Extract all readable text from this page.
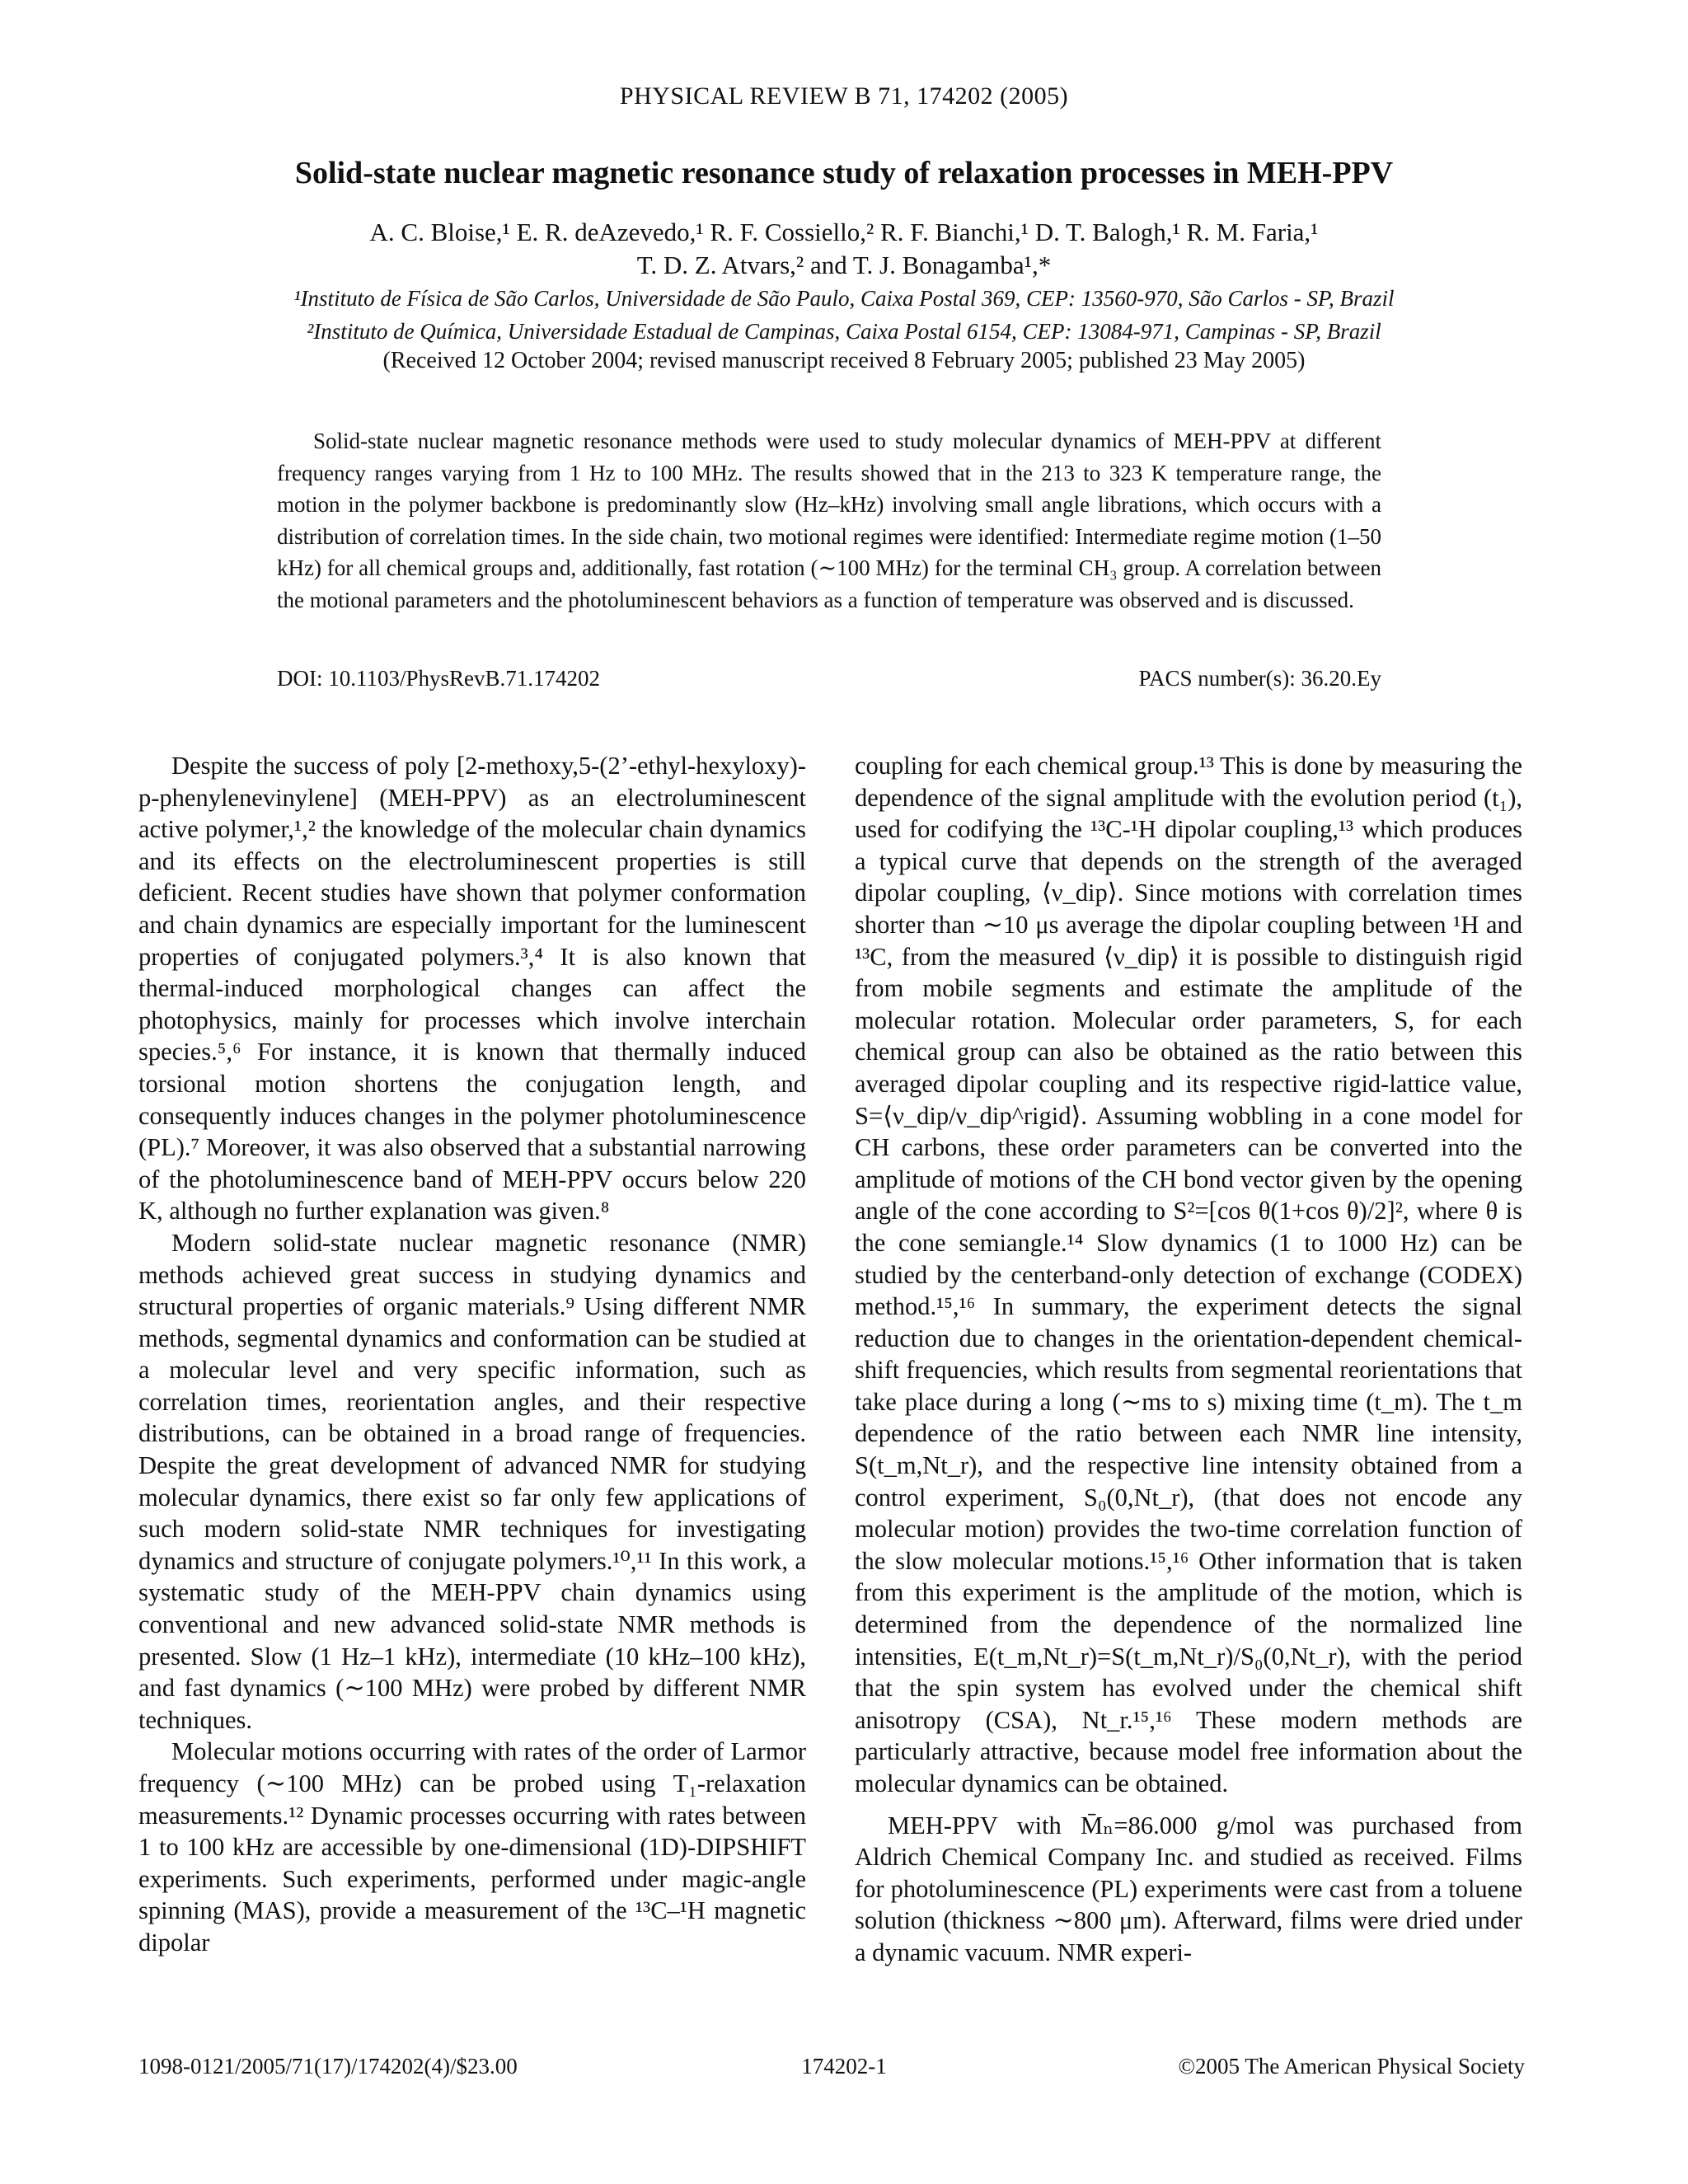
PHYSICAL REVIEW B 71, 174202 (2005)
Solid-state nuclear magnetic resonance study of relaxation processes in MEH-PPV
A. C. Bloise,¹ E. R. deAzevedo,¹ R. F. Cossiello,² R. F. Bianchi,¹ D. T. Balogh,¹ R. M. Faria,¹
T. D. Z. Atvars,² and T. J. Bonagamba¹,*
¹Instituto de Física de São Carlos, Universidade de São Paulo, Caixa Postal 369, CEP: 13560-970, São Carlos - SP, Brazil
²Instituto de Química, Universidade Estadual de Campinas, Caixa Postal 6154, CEP: 13084-971, Campinas - SP, Brazil
(Received 12 October 2004; revised manuscript received 8 February 2005; published 23 May 2005)
Solid-state nuclear magnetic resonance methods were used to study molecular dynamics of MEH-PPV at different frequency ranges varying from 1 Hz to 100 MHz. The results showed that in the 213 to 323 K temperature range, the motion in the polymer backbone is predominantly slow (Hz–kHz) involving small angle librations, which occurs with a distribution of correlation times. In the side chain, two motional regimes were identified: Intermediate regime motion (1–50 kHz) for all chemical groups and, additionally, fast rotation (∼100 MHz) for the terminal CH₃ group. A correlation between the motional parameters and the photoluminescent behaviors as a function of temperature was observed and is discussed.
DOI: 10.1103/PhysRevB.71.174202	PACS number(s): 36.20.Ey

Despite the success of poly [2-methoxy,5-(2’-ethyl-hexyloxy)-p-phenylenevinylene] (MEH-PPV) as an electroluminescent active polymer,¹,² the knowledge of the molecular chain dynamics and its effects on the electroluminescent properties is still deficient. Recent studies have shown that polymer conformation and chain dynamics are especially important for the luminescent properties of conjugated polymers.³,⁴ It is also known that thermal-induced morphological changes can affect the photophysics, mainly for processes which involve interchain species.⁵,⁶ For instance, it is known that thermally induced torsional motion shortens the conjugation length, and consequently induces changes in the polymer photoluminescence (PL).⁷ Moreover, it was also observed that a substantial narrowing of the photoluminescence band of MEH-PPV occurs below 220 K, although no further explanation was given.⁸

Modern solid-state nuclear magnetic resonance (NMR) methods achieved great success in studying dynamics and structural properties of organic materials.⁹ Using different NMR methods, segmental dynamics and conformation can be studied at a molecular level and very specific information, such as correlation times, reorientation angles, and their respective distributions, can be obtained in a broad range of frequencies. Despite the great development of advanced NMR for studying molecular dynamics, there exist so far only few applications of such modern solid-state NMR techniques for investigating dynamics and structure of conjugate polymers.¹⁰,¹¹ In this work, a systematic study of the MEH-PPV chain dynamics using conventional and new advanced solid-state NMR methods is presented. Slow (1 Hz–1 kHz), intermediate (10 kHz–100 kHz), and fast dynamics (∼100 MHz) were probed by different NMR techniques.

Molecular motions occurring with rates of the order of Larmor frequency (∼100 MHz) can be probed using T₁-relaxation measurements.¹² Dynamic processes occurring with rates between 1 to 100 kHz are accessible by one-dimensional (1D)-DIPSHIFT experiments. Such experiments, performed under magic-angle spinning (MAS), provide a measurement of the ¹³C–¹H magnetic dipolar

coupling for each chemical group.¹³ This is done by measuring the dependence of the signal amplitude with the evolution period (t₁), used for codifying the ¹³C-¹H dipolar coupling,¹³ which produces a typical curve that depends on the strength of the averaged dipolar coupling, ⟨ν_dip⟩. Since motions with correlation times shorter than ∼10 μs average the dipolar coupling between ¹H and ¹³C, from the measured ⟨ν_dip⟩ it is possible to distinguish rigid from mobile segments and estimate the amplitude of the molecular rotation. Molecular order parameters, S, for each chemical group can also be obtained as the ratio between this averaged dipolar coupling and its respective rigid-lattice value, S=⟨ν_dip/ν_dip^rigid⟩. Assuming wobbling in a cone model for CH carbons, these order parameters can be converted into the amplitude of motions of the CH bond vector given by the opening angle of the cone according to S²=[cos θ(1+cos θ)/2]², where θ is the cone semiangle.¹⁴ Slow dynamics (1 to 1000 Hz) can be studied by the centerband-only detection of exchange (CODEX) method.¹⁵,¹⁶ In summary, the experiment detects the signal reduction due to changes in the orientation-dependent chemical-shift frequencies, which results from segmental reorientations that take place during a long (∼ms to s) mixing time (t_m). The t_m dependence of the ratio between each NMR line intensity, S(t_m,Nt_r), and the respective line intensity obtained from a control experiment, S₀(0,Nt_r), (that does not encode any molecular motion) provides the two-time correlation function of the slow molecular motions.¹⁵,¹⁶ Other information that is taken from this experiment is the amplitude of the motion, which is determined from the dependence of the normalized line intensities, E(t_m,Nt_r)=S(t_m,Nt_r)/S₀(0,Nt_r), with the period that the spin system has evolved under the chemical shift anisotropy (CSA), Nt_r.¹⁵,¹⁶ These modern methods are particularly attractive, because model free information about the molecular dynamics can be obtained.

MEH-PPV with M̄ₙ=86.000 g/mol was purchased from Aldrich Chemical Company Inc. and studied as received. Films for photoluminescence (PL) experiments were cast from a toluene solution (thickness ∼800 μm). Afterward, films were dried under a dynamic vacuum. NMR experi-

1098-0121/2005/71(17)/174202(4)/$23.00	174202-1	©2005 The American Physical Society
